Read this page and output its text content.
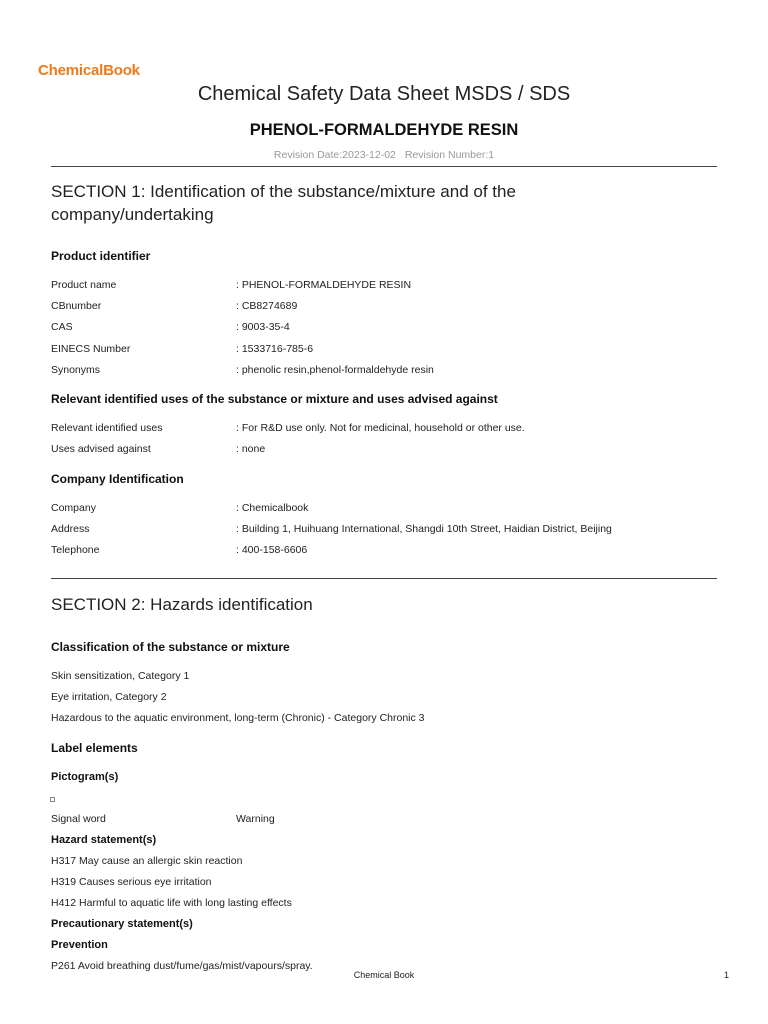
ChemicalBook
Chemical Safety Data Sheet MSDS / SDS
PHENOL-FORMALDEHYDE RESIN
Revision Date:2023-12-02 Revision Number:1
SECTION 1: Identification of the substance/mixture and of the company/undertaking
Product identifier
Product name	: PHENOL-FORMALDEHYDE RESIN
CBnumber	: CB8274689
CAS	: 9003-35-4
EINECS Number	: 1533716-785-6
Synonyms	: phenolic resin,phenol-formaldehyde resin
Relevant identified uses of the substance or mixture and uses advised against
Relevant identified uses	: For R&D use only. Not for medicinal, household or other use.
Uses advised against	: none
Company Identification
Company	: Chemicalbook
Address	: Building 1, Huihuang International, Shangdi 10th Street, Haidian District, Beijing
Telephone	: 400-158-6606
SECTION 2: Hazards identification
Classification of the substance or mixture
Skin sensitization, Category 1
Eye irritation, Category 2
Hazardous to the aquatic environment, long-term (Chronic) - Category Chronic 3
Label elements
Pictogram(s)
Signal word	Warning
Hazard statement(s)
H317 May cause an allergic skin reaction
H319 Causes serious eye irritation
H412 Harmful to aquatic life with long lasting effects
Precautionary statement(s)
Prevention
P261 Avoid breathing dust/fume/gas/mist/vapours/spray.
Chemical Book	1
